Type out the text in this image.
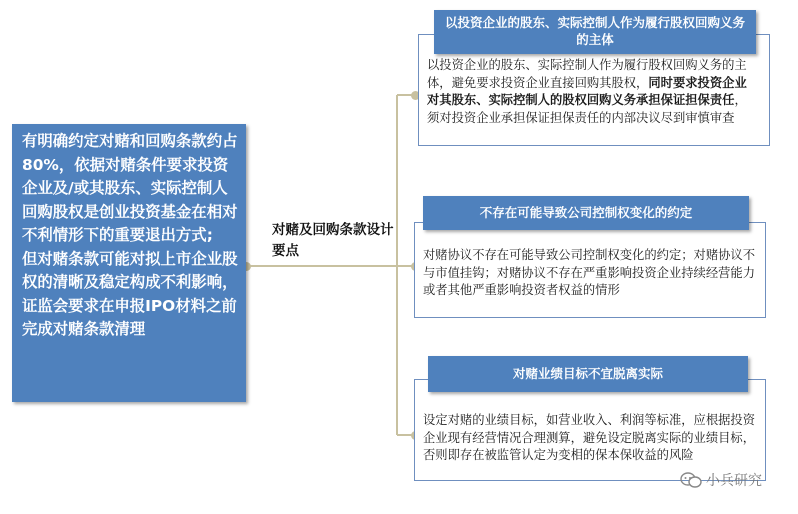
有明确约定对赌和回购条款约占80%，依据对赌条件要求投资企业及/或其股东、实际控制人回购股权是创业投资基金在相对不利情形下的重要退出方式;

但对赌条款可能对拟上市企业股权的清晰及稳定构成不利影响，证监会要求在申报IPO材料之前完成对赌条款清理

对赌及回购条款设计要点
以投资企业的股东、实际控制人作为履行股权回购义务的主体，避免要求投资企业直接回购其股权，同时要求投资企业对其股东、实际控制人的股权回购义务承担保证担保责任，须对投资企业承担保证担保责任的内部决议尽到审慎审查
以投资企业的股东、实际控制人作为履行股权回购义务的主体
对赌协议不存在可能导致公司控制权变化的约定；对赌协议不与市值挂钩；对赌协议不存在严重影响投资企业持续经营能力或者其他严重影响投资者权益的情形
不存在可能导致公司控制权变化的约定
设定对赌的业绩目标，如营业收入、利润等标准，应根据投资企业现有经营情况合理测算，避免设定脱离实际的业绩目标，否则即存在被监管认定为变相的保本保收益的风险
对赌业绩目标不宜脱离实际
小兵研究
